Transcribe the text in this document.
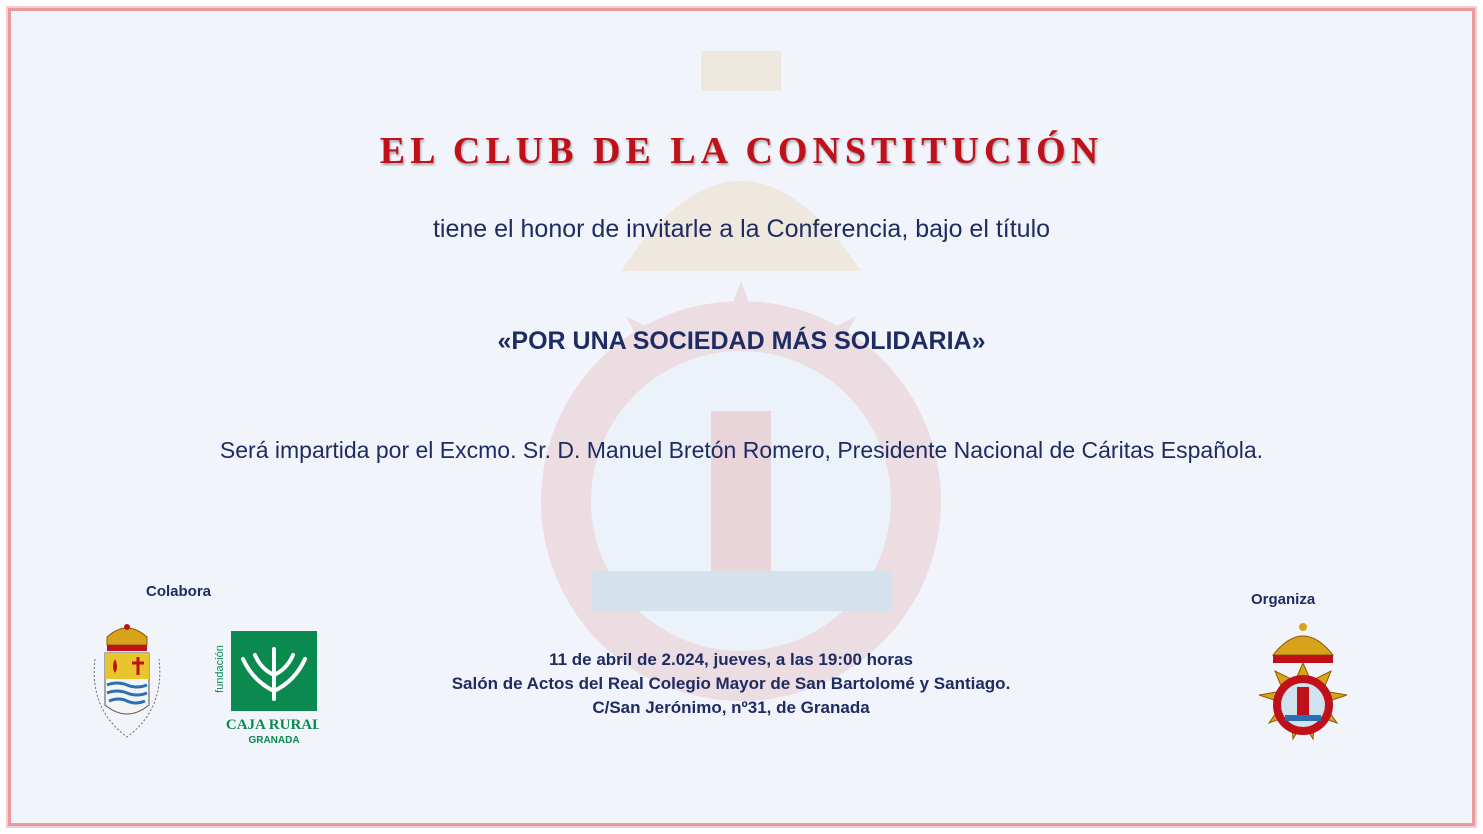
EL CLUB DE LA CONSTITUCIÓN
tiene el honor de invitarle a la Conferencia, bajo el título
«POR UNA SOCIEDAD MÁS SOLIDARIA»
Será impartida por el Excmo. Sr. D. Manuel Bretón Romero, Presidente Nacional de Cáritas Española.
11 de abril de 2.024, jueves, a las 19:00 horas
Salón de Actos del Real Colegio Mayor de San Bartolomé y Santiago.
C/San Jerónimo, nº31, de Granada
Colabora	Organiza
fundación
CAJA RURAL
GRANADA
